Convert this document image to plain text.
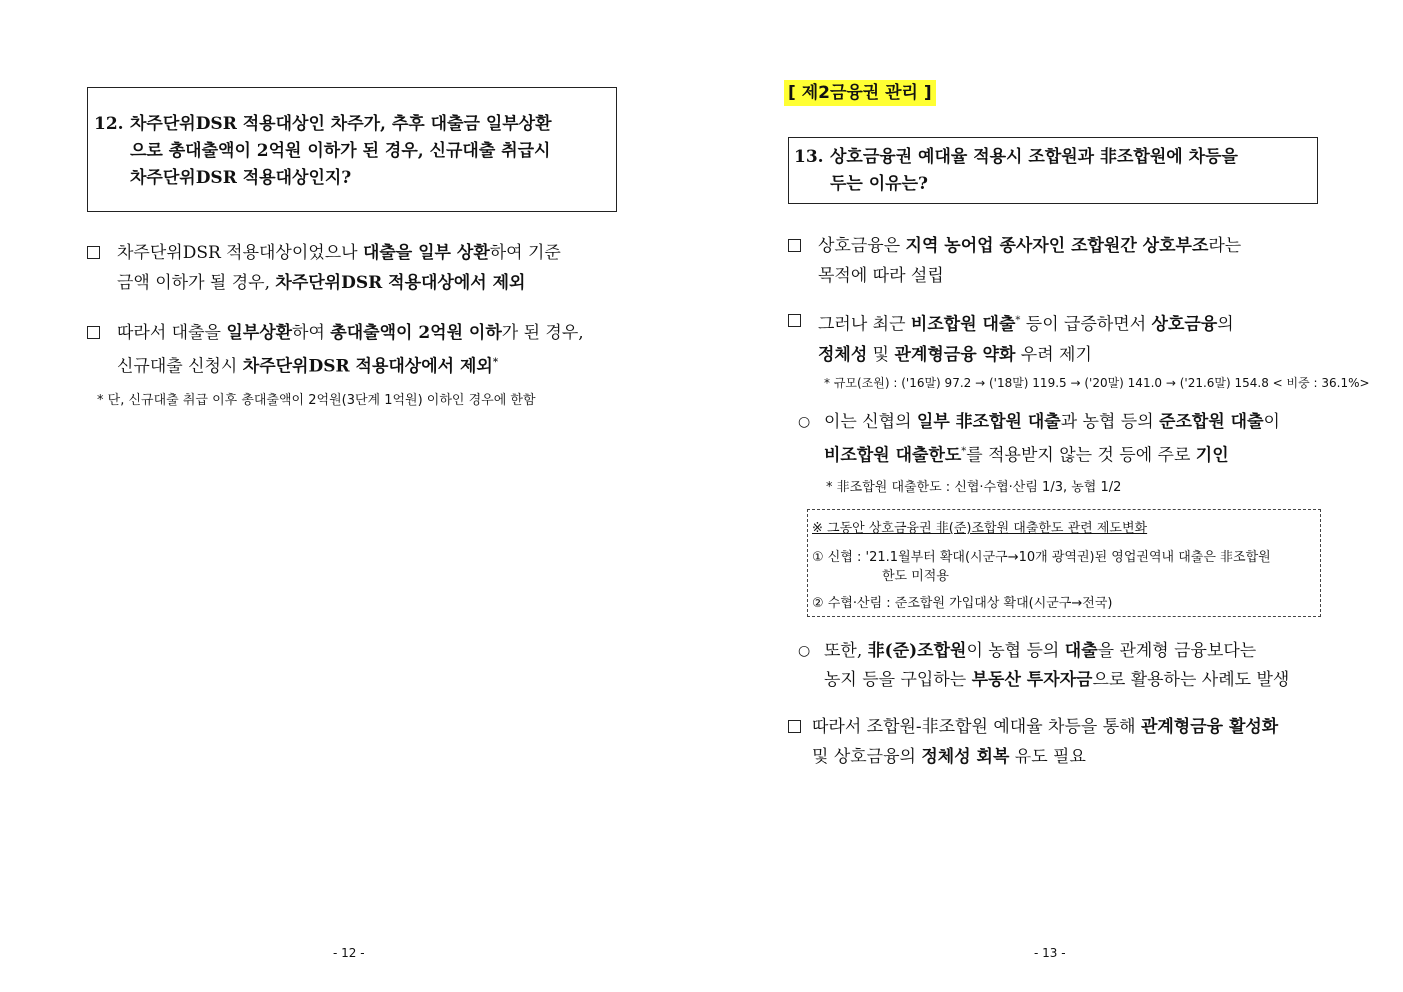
12. 차주단위DSR 적용대상인 차주가, 추후 대출금 일부상환
으로 총대출액이 2억원 이하가 된 경우, 신규대출 취급시
차주단위DSR 적용대상인지?
차주단위DSR 적용대상이었으나 대출을 일부 상환하여 기준
금액 이하가 될 경우, 차주단위DSR 적용대상에서 제외
따라서 대출을 일부상환하여 총대출액이 2억원 이하가 된 경우,
신규대출 신청시 차주단위DSR 적용대상에서 제외*
* 단, 신규대출 취급 이후 총대출액이 2억원(3단계 1억원) 이하인 경우에 한함
- 12 -
[ 제2금융권 관리 ]
13. 상호금융권 예대율 적용시 조합원과 非조합원에 차등을
두는 이유는?
상호금융은 지역 농어업 종사자인 조합원간 상호부조라는
목적에 따라 설립
그러나 최근 비조합원 대출* 등이 급증하면서 상호금융의
정체성 및 관계형금융 약화 우려 제기
* 규모(조원) : ('16말) 97.2 → ('18말) 119.5 → ('20말) 141.0 → ('21.6말) 154.8 < 비중 : 36.1%>
○ 이는 신협의 일부 非조합원 대출과 농협 등의 준조합원 대출이
비조합원 대출한도*를 적용받지 않는 것 등에 주로 기인
* 非조합원 대출한도 : 신협·수협·산림 1/3, 농협 1/2
※ 그동안 상호금융권 非(준)조합원 대출한도 관련 제도변화
① 신협 : '21.1월부터 확대(시군구→10개 광역권)된 영업권역내 대출은 非조합원
한도 미적용
② 수협·산림 : 준조합원 가입대상 확대(시군구→전국)
○ 또한, 非(준)조합원이 농협 등의 대출을 관계형 금융보다는
농지 등을 구입하는 부동산 투자자금으로 활용하는 사례도 발생
따라서 조합원-非조합원 예대율 차등을 통해 관계형금융 활성화
및 상호금융의 정체성 회복 유도 필요
- 13 -
